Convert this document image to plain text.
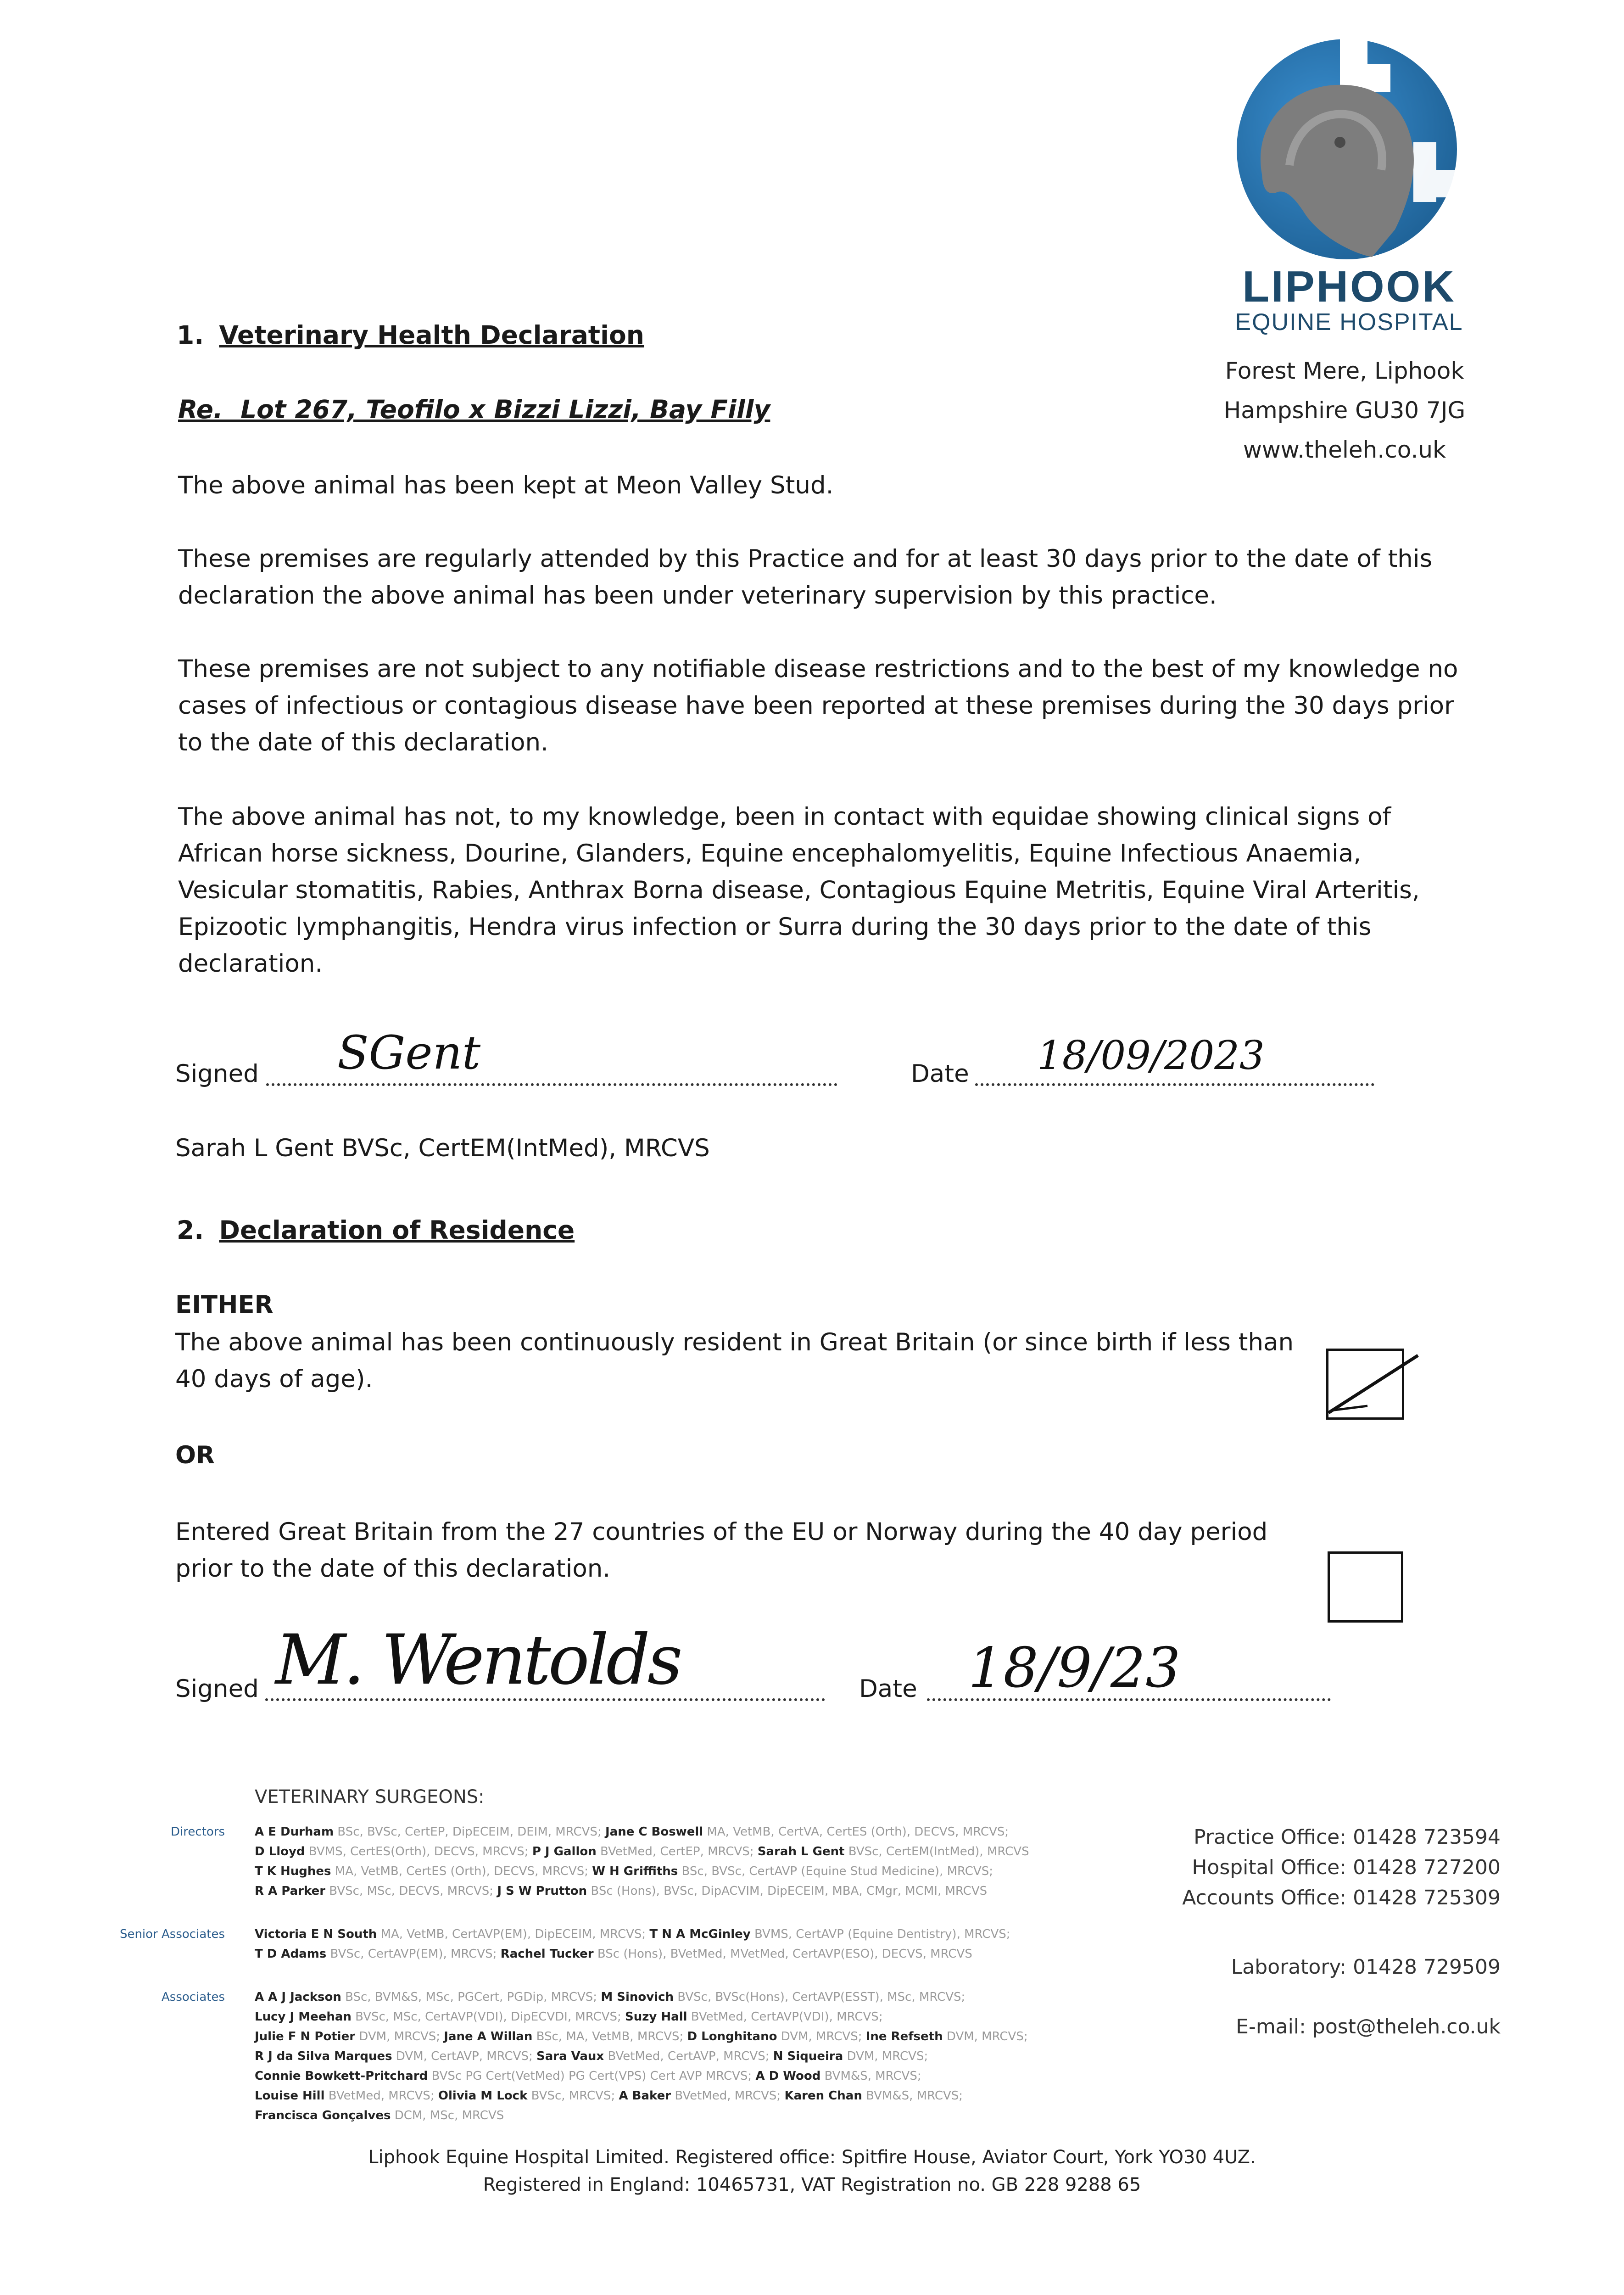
LIPHOOK
EQUINE HOSPITAL
Forest Mere, Liphook
Hampshire GU30 7JG
www.theleh.co.uk
1. Veterinary Health Declaration
Re.  Lot 267, Teofilo x Bizzi Lizzi, Bay Filly
The above animal has been kept at Meon Valley Stud.
These premises are regularly attended by this Practice and for at least 30 days prior to the date of this
declaration the above animal has been under veterinary supervision by this practice.
These premises are not subject to any notifiable disease restrictions and to the best of my knowledge no
cases of infectious or contagious disease have been reported at these premises during the 30 days prior
to the date of this declaration.
The above animal has not, to my knowledge, been in contact with equidae showing clinical signs of
African horse sickness, Dourine, Glanders, Equine encephalomyelitis, Equine Infectious Anaemia,
Vesicular stomatitis, Rabies, Anthrax Borna disease, Contagious Equine Metritis, Equine Viral Arteritis,
Epizootic lymphangitis, Hendra virus infection or Surra during the 30 days prior to the date of this
declaration.
Signed SGent	Date 18/09/2023
Sarah L Gent BVSc, CertEM(IntMed), MRCVS
2. Declaration of Residence
EITHER
The above animal has been continuously resident in Great Britain (or since birth if less than
40 days of age).
OR
Entered Great Britain from the 27 countries of the EU or Norway during the 40 day period
prior to the date of this declaration.
Signed M. Wentolds	Date 18/9/23
VETERINARY SURGEONS:
Directors	A E Durham BSc, BVSc, CertEP, DipECEIM, DEIM, MRCVS; Jane C Boswell MA, VetMB, CertVA, CertES (Orth), DECVS, MRCVS;
D Lloyd BVMS, CertES(Orth), DECVS, MRCVS; P J Gallon BVetMed, CertEP, MRCVS; Sarah L Gent BVSc, CertEM(IntMed), MRCVS
T K Hughes MA, VetMB, CertES (Orth), DECVS, MRCVS; W H Griffiths BSc, BVSc, CertAVP (Equine Stud Medicine), MRCVS;
R A Parker BVSc, MSc, DECVS, MRCVS; J S W Prutton BSc (Hons), BVSc, DipACVIM, DipECEIM, MBA, CMgr, MCMI, MRCVS
Senior Associates	Victoria E N South MA, VetMB, CertAVP(EM), DipECEIM, MRCVS; T N A McGinley BVMS, CertAVP (Equine Dentistry), MRCVS;
T D Adams BVSc, CertAVP(EM), MRCVS; Rachel Tucker BSc (Hons), BVetMed, MVetMed, CertAVP(ESO), DECVS, MRCVS
Associates	A A J Jackson BSc, BVM&S, MSc, PGCert, PGDip, MRCVS; M Sinovich BVSc, BVSc(Hons), CertAVP(ESST), MSc, MRCVS;
Lucy J Meehan BVSc, MSc, CertAVP(VDI), DipECVDI, MRCVS; Suzy Hall BVetMed, CertAVP(VDI), MRCVS;
Julie F N Potier DVM, MRCVS; Jane A Willan BSc, MA, VetMB, MRCVS; D Longhitano DVM, MRCVS; Ine Refseth DVM, MRCVS;
R J da Silva Marques DVM, CertAVP, MRCVS; Sara Vaux BVetMed, CertAVP, MRCVS; N Siqueira DVM, MRCVS;
Connie Bowkett-Pritchard BVSc PG Cert(VetMed) PG Cert(VPS) Cert AVP MRCVS; A D Wood BVM&S, MRCVS;
Louise Hill BVetMed, MRCVS; Olivia M Lock BVSc, MRCVS; A Baker BVetMed, MRCVS; Karen Chan BVM&S, MRCVS;
Francisca Gonçalves DCM, MSc, MRCVS
Practice Office: 01428 723594
Hospital Office: 01428 727200
Accounts Office: 01428 725309
Laboratory: 01428 729509
E-mail: post@theleh.co.uk
Liphook Equine Hospital Limited. Registered office: Spitfire House, Aviator Court, York YO30 4UZ.
Registered in England: 10465731, VAT Registration no. GB 228 9288 65
